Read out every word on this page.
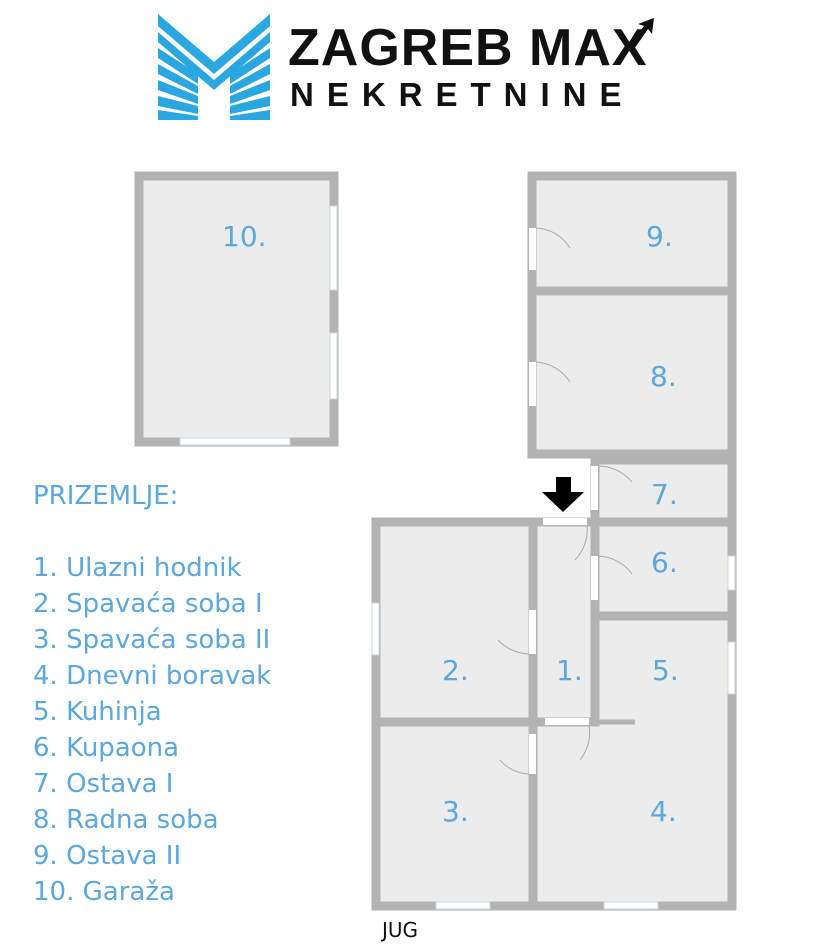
ZAGREB MAX
NEKRETNINE
10.	9.
8.
7.
6.
5.
2.	1.
3.	4.
PRIZEMLJE:
1. Ulazni hodnik
2. Spavaća soba I
3. Spavaća soba II
4. Dnevni boravak
5. Kuhinja
6. Kupaona
7. Ostava I
8. Radna soba
9. Ostava II
10. Garaža
JUG
